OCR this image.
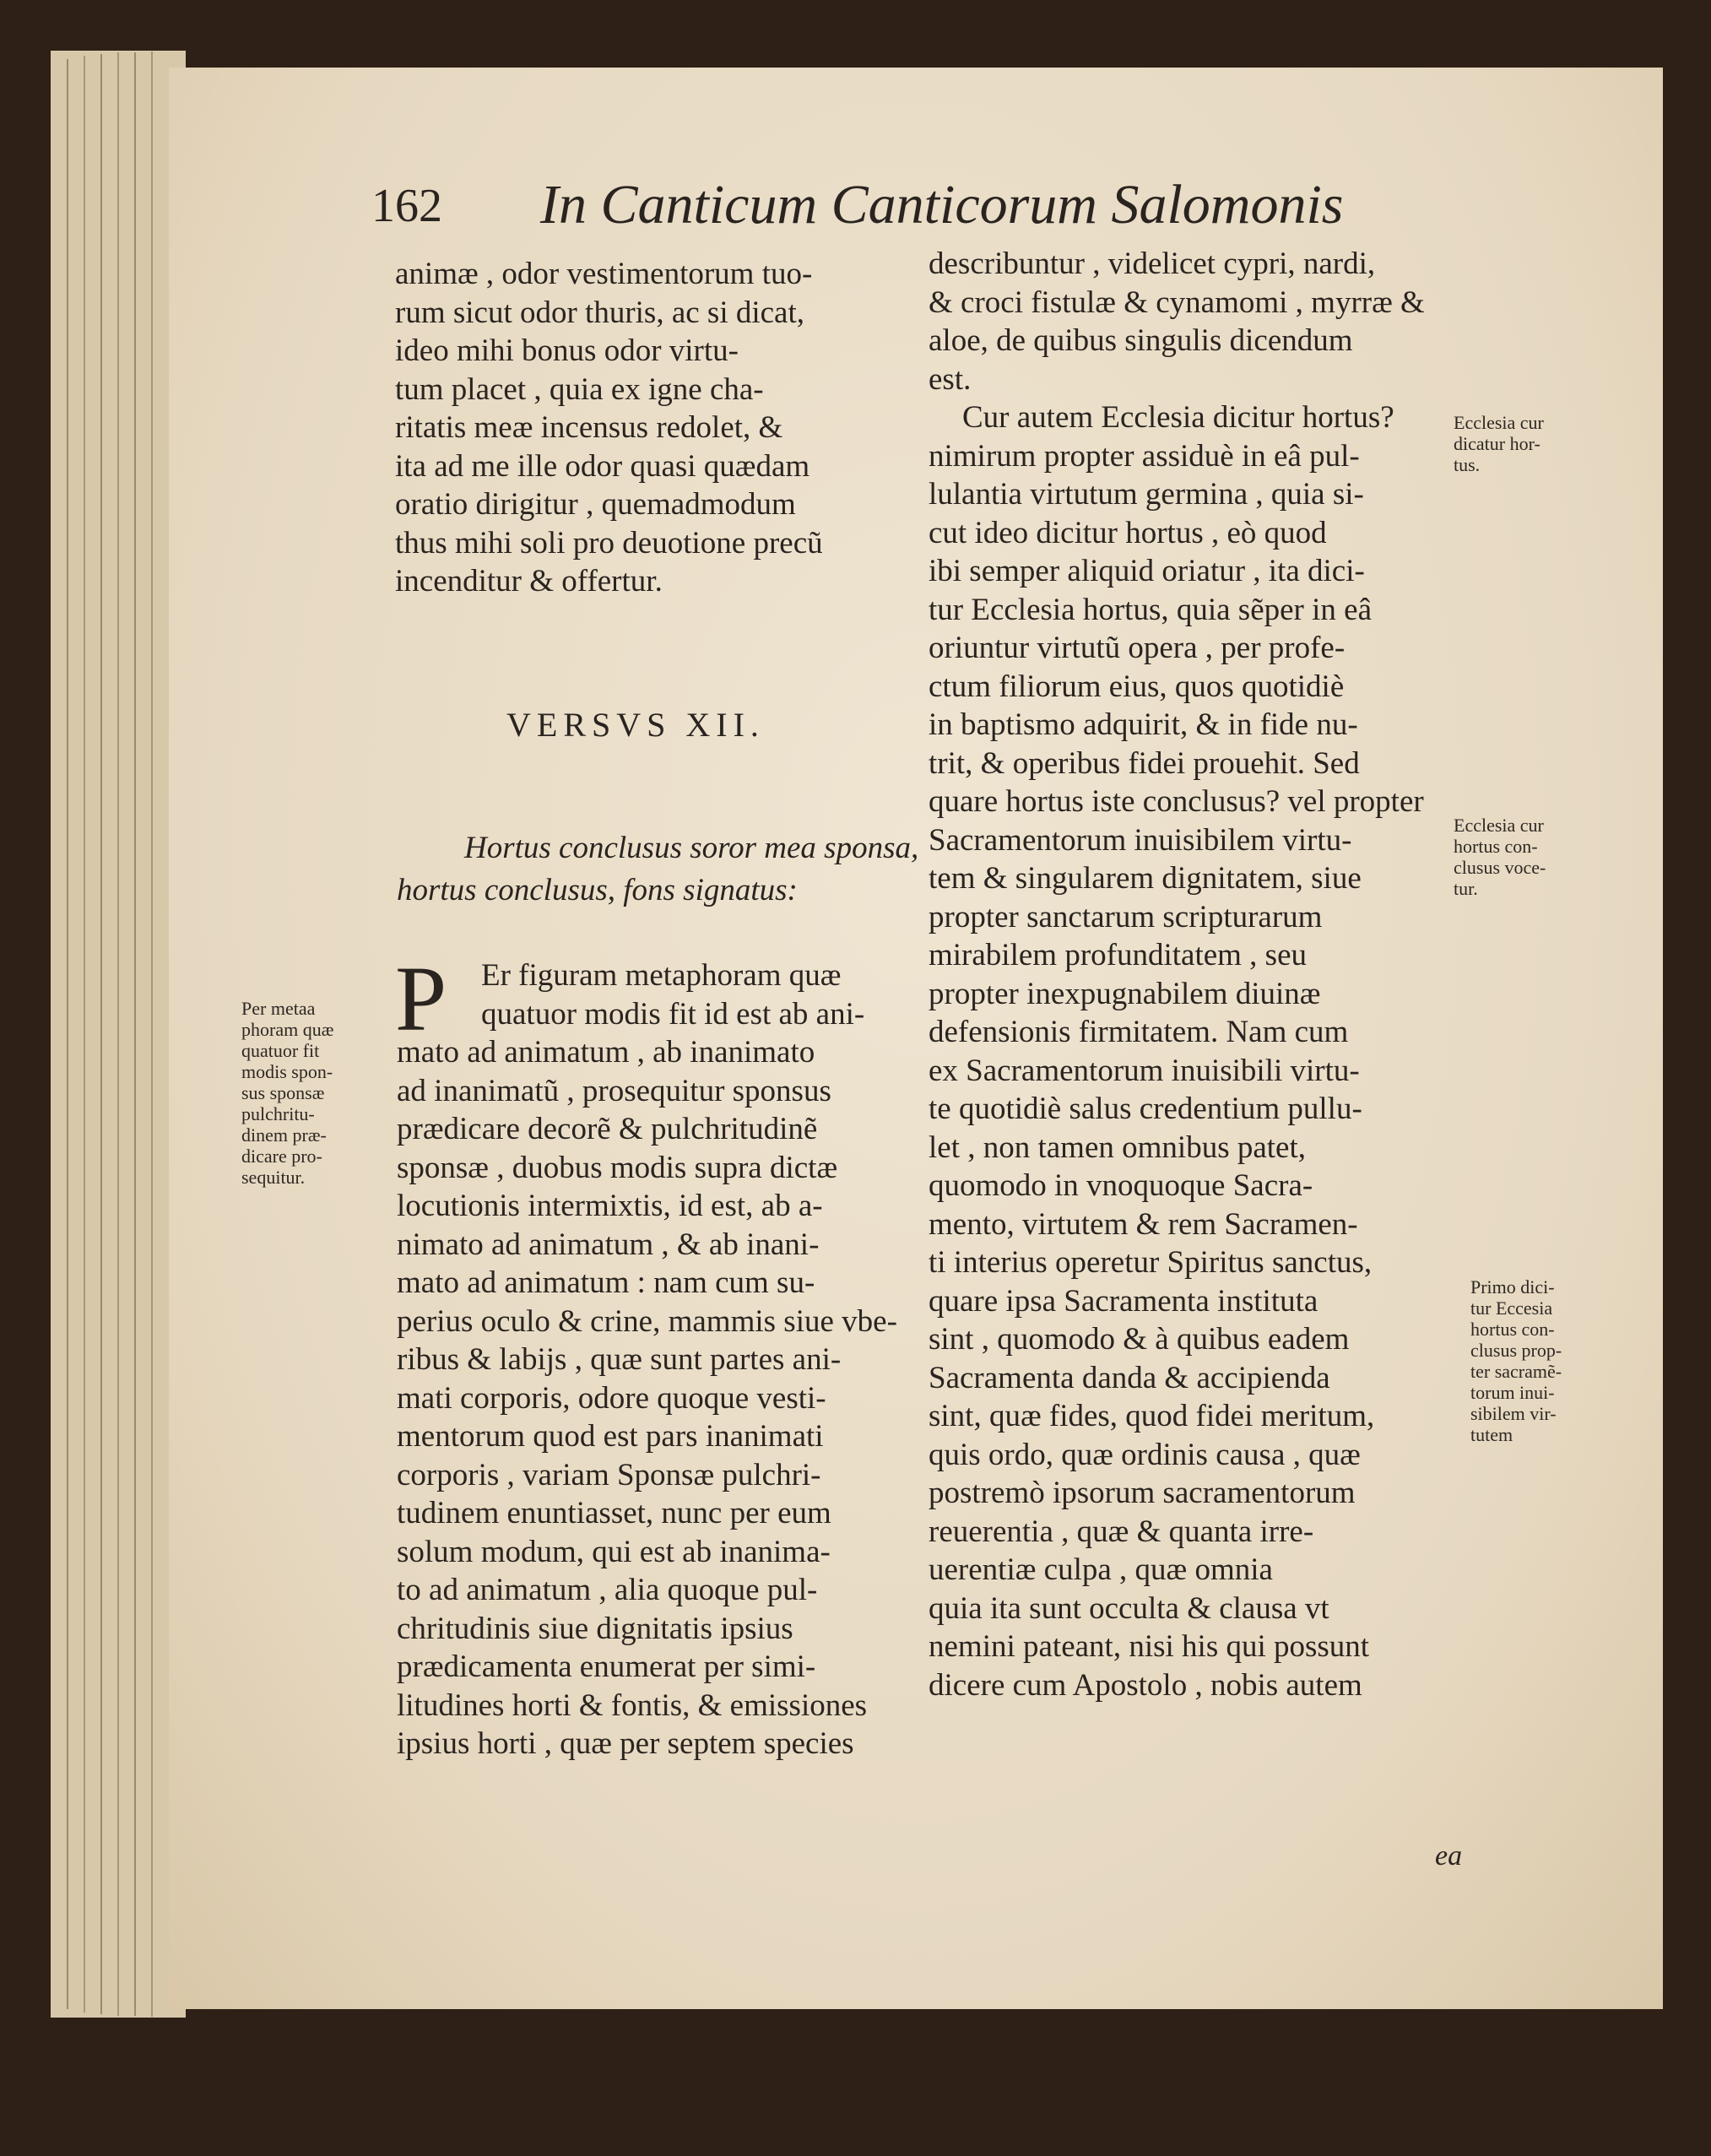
162 In Canticum Canticorum Salomonis
animæ , odor vestimentorum tuo-
rum sicut odor thuris, ac si dicat,
ideo mihi bonus odor virtu-
tum placet , quia ex igne cha-
ritatis meæ incensus redolet, &
ita ad me ille odor quasi quædam
oratio dirigitur , quemadmodum
thus mihi soli pro deuotione precũ
incenditur & offertur.
VERSVS XII.
Hortus conclusus soror mea sponsa,
hortus conclusus, fons signatus:
P	Er figuram metaphoram quæ
quatuor modis fit id est ab ani-
mato ad animatum , ab inanimato
ad inanimatũ , prosequitur sponsus
prædicare decorẽ & pulchritudinẽ
sponsæ , duobus modis supra dictæ
locutionis intermixtis, id est, ab a-
nimato ad animatum , & ab inani-
mato ad animatum : nam cum su-
perius oculo & crine, mammis siue vbe-
ribus & labijs , quæ sunt partes ani-
mati corporis, odore quoque vesti-
mentorum quod est pars inanimati
corporis , variam Sponsæ pulchri-
tudinem enuntiasset, nunc per eum
solum modum, qui est ab inanima-
to ad animatum , alia quoque pul-
chritudinis siue dignitatis ipsius
prædicamenta enumerat per simi-
litudines horti & fontis, & emissiones
ipsius horti , quæ per septem species
describuntur , videlicet cypri, nardi,
& croci fistulæ & cynamomi , myrræ &
aloe, de quibus singulis dicendum
est.
Cur autem Ecclesia dicitur hortus?
nimirum propter assiduè in eâ pul-
lulantia virtutum germina , quia si-
cut ideo dicitur hortus , eò quod
ibi semper aliquid oriatur , ita dici-
tur Ecclesia hortus, quia sẽper in eâ
oriuntur virtutũ opera , per profe-
ctum filiorum eius, quos quotidiè
in baptismo adquirit, & in fide nu-
trit, & operibus fidei prouehit. Sed
quare hortus iste conclusus? vel propter
Sacramentorum inuisibilem virtu-
tem & singularem dignitatem, siue
propter sanctarum scripturarum
mirabilem profunditatem , seu
propter inexpugnabilem diuinæ
defensionis firmitatem. Nam cum
ex Sacramentorum inuisibili virtu-
te quotidiè salus credentium pullu-
let , non tamen omnibus patet,
quomodo in vnoquoque Sacra-
mento, virtutem & rem Sacramen-
ti interius operetur Spiritus sanctus,
quare ipsa Sacramenta instituta
sint , quomodo & à quibus eadem
Sacramenta danda & accipienda
sint, quæ fides, quod fidei meritum,
quis ordo, quæ ordinis causa , quæ
postremò ipsorum sacramentorum
reuerentia , quæ & quanta irre-
uerentiæ culpa , quæ omnia
quia ita sunt occulta & clausa vt
nemini pateant, nisi his qui possunt
dicere cum Apostolo , nobis autem
Per metaa
phoram quæ
quatuor fit
modis spon-
sus sponsæ
pulchritu-
dinem præ-
dicare pro-
sequitur.
Ecclesia cur
dicatur hor-
tus.
Ecclesia cur
hortus con-
clusus voce-
tur.
Primo dici-
tur Eccesia
hortus con-
clusus prop-
ter sacramẽ-
torum inui-
sibilem vir-
tutem
ea
